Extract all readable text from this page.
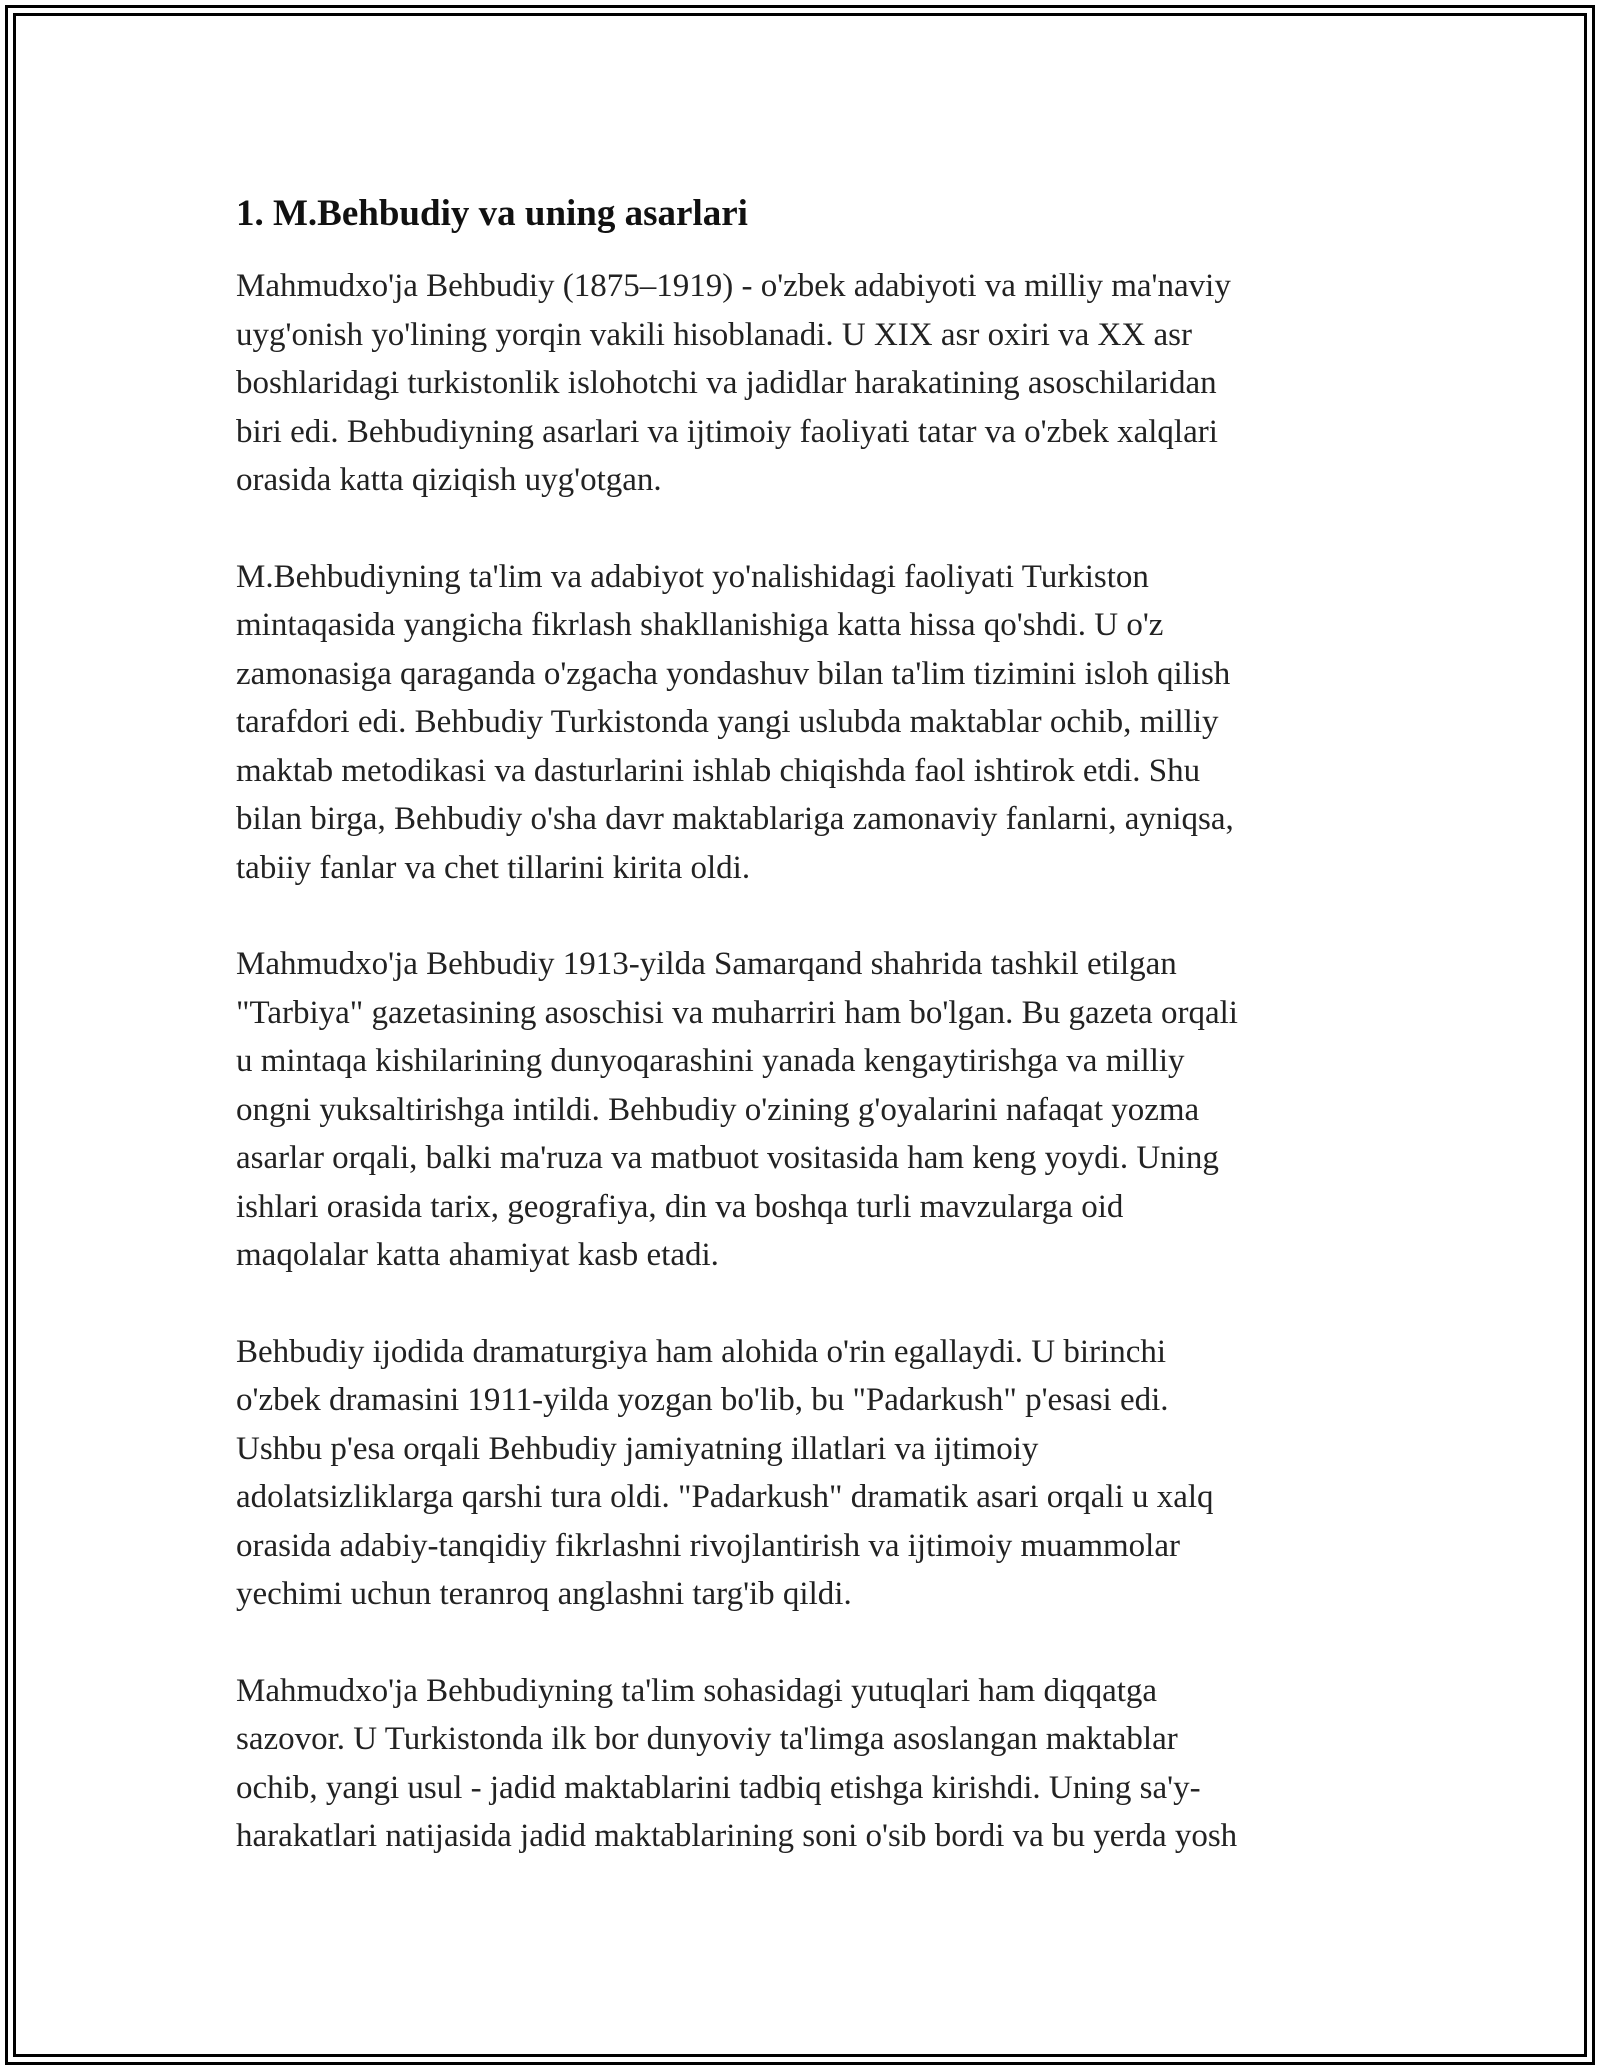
1. M.Behbudiy va uning asarlari

Mahmudxo'ja Behbudiy (1875–1919) - o'zbek adabiyoti va milliy ma'naviy
uyg'onish yo'lining yorqin vakili hisoblanadi. U XIX asr oxiri va XX asr
boshlaridagi turkistonlik islohotchi va jadidlar harakatining asoschilaridan
biri edi. Behbudiyning asarlari va ijtimoiy faoliyati tatar va o'zbek xalqlari
orasida katta qiziqish uyg'otgan.

M.Behbudiyning ta'lim va adabiyot yo'nalishidagi faoliyati Turkiston
mintaqasida yangicha fikrlash shakllanishiga katta hissa qo'shdi. U o'z
zamonasiga qaraganda o'zgacha yondashuv bilan ta'lim tizimini isloh qilish
tarafdori edi. Behbudiy Turkistonda yangi uslubda maktablar ochib, milliy
maktab metodikasi va dasturlarini ishlab chiqishda faol ishtirok etdi. Shu
bilan birga, Behbudiy o'sha davr maktablariga zamonaviy fanlarni, ayniqsa,
tabiiy fanlar va chet tillarini kirita oldi.

Mahmudxo'ja Behbudiy 1913-yilda Samarqand shahrida tashkil etilgan
"Tarbiya" gazetasining asoschisi va muharriri ham bo'lgan. Bu gazeta orqali
u mintaqa kishilarining dunyoqarashini yanada kengaytirishga va milliy
ongni yuksaltirishga intildi. Behbudiy o'zining g'oyalarini nafaqat yozma
asarlar orqali, balki ma'ruza va matbuot vositasida ham keng yoydi. Uning
ishlari orasida tarix, geografiya, din va boshqa turli mavzularga oid
maqolalar katta ahamiyat kasb etadi.

Behbudiy ijodida dramaturgiya ham alohida o'rin egallaydi. U birinchi
o'zbek dramasini 1911-yilda yozgan bo'lib, bu "Padarkush" p'esasi edi.
Ushbu p'esa orqali Behbudiy jamiyatning illatlari va ijtimoiy
adolatsizliklarga qarshi tura oldi. "Padarkush" dramatik asari orqali u xalq
orasida adabiy-tanqidiy fikrlashni rivojlantirish va ijtimoiy muammolar
yechimi uchun teranroq anglashni targ'ib qildi.

Mahmudxo'ja Behbudiyning ta'lim sohasidagi yutuqlari ham diqqatga
sazovor. U Turkistonda ilk bor dunyoviy ta'limga asoslangan maktablar
ochib, yangi usul - jadid maktablarini tadbiq etishga kirishdi. Uning sa'y-
harakatlari natijasida jadid maktablarining soni o'sib bordi va bu yerda yosh
